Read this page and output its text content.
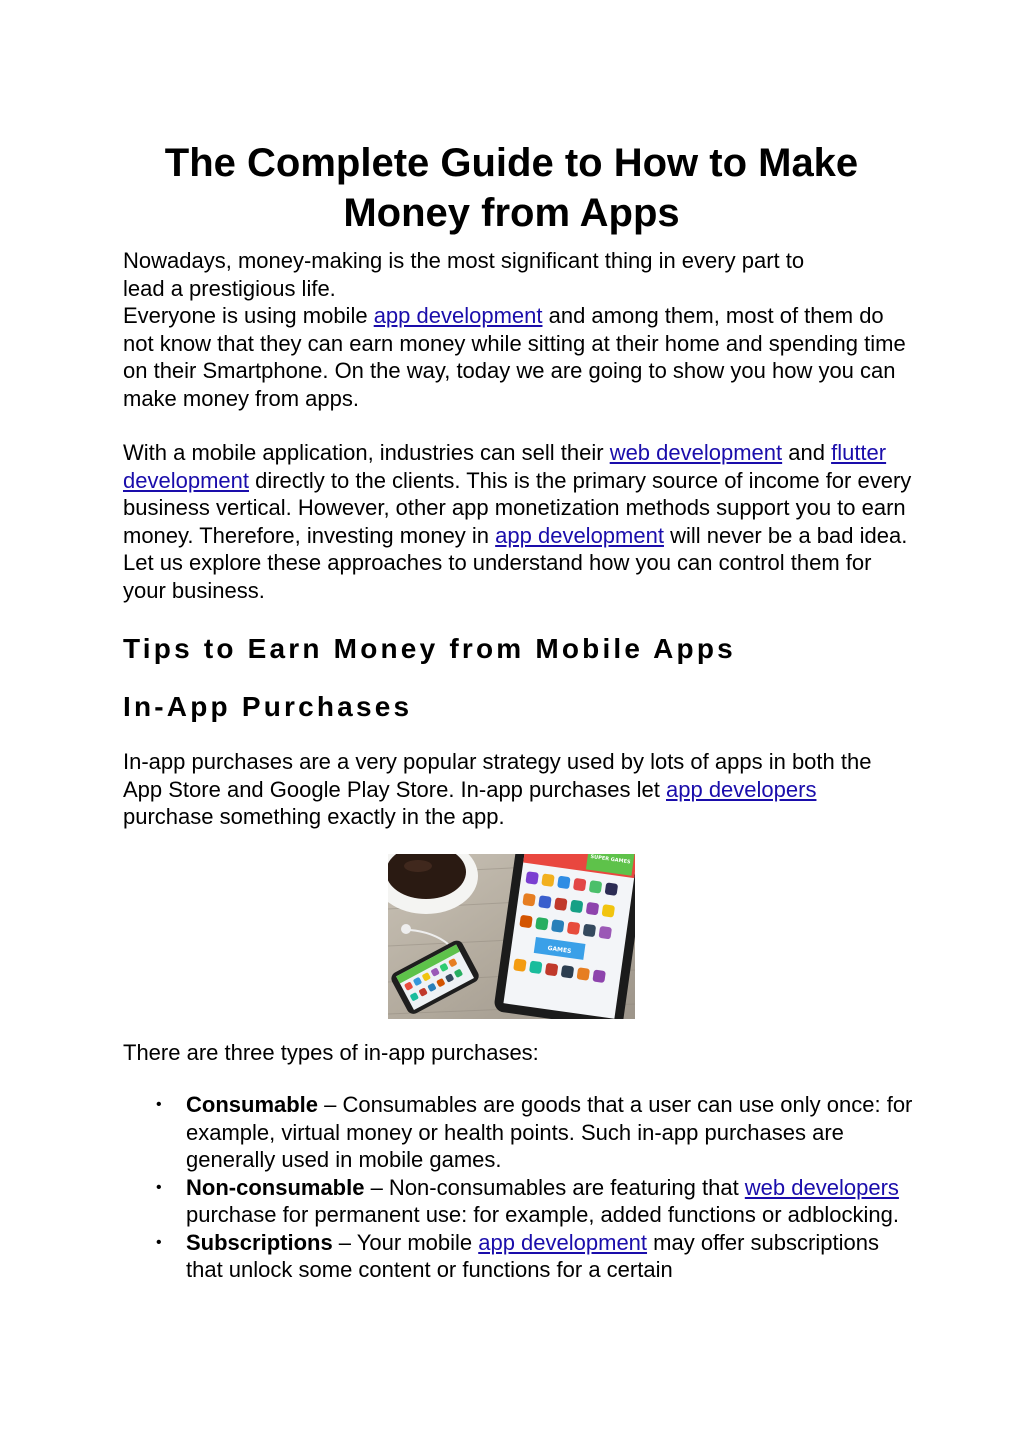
The Complete Guide to How to Make
Money from Apps

Nowadays, money-making is the most significant thing in every part to
lead a prestigious life.
Everyone is using mobile app development and among them, most of them do not know that they can earn money while sitting at their home and spending time on their Smartphone. On the way, today we are going to show you how you can make money from apps.

With a mobile application, industries can sell their web development and flutter development directly to the clients. This is the primary source of income for every business vertical. However, other app monetization methods support you to earn money. Therefore, investing money in app development will never be a bad idea. Let us explore these approaches to understand how you can control them for your business.

Tips to Earn Money from Mobile Apps
In-App Purchases

In-app purchases are a very popular strategy used by lots of apps in both the App Store and Google Play Store. In-app purchases let app developers purchase something exactly in the app.

SUPER GAMES
GAMES

There are three types of in-app purchases:

• Consumable – Consumables are goods that a user can use only once: for example, virtual money or health points. Such in-app purchases are generally used in mobile games.
• Non-consumable – Non-consumables are featuring that web developers purchase for permanent use: for example, added functions or adblocking.
• Subscriptions – Your mobile app development may offer subscriptions that unlock some content or functions for a certain
